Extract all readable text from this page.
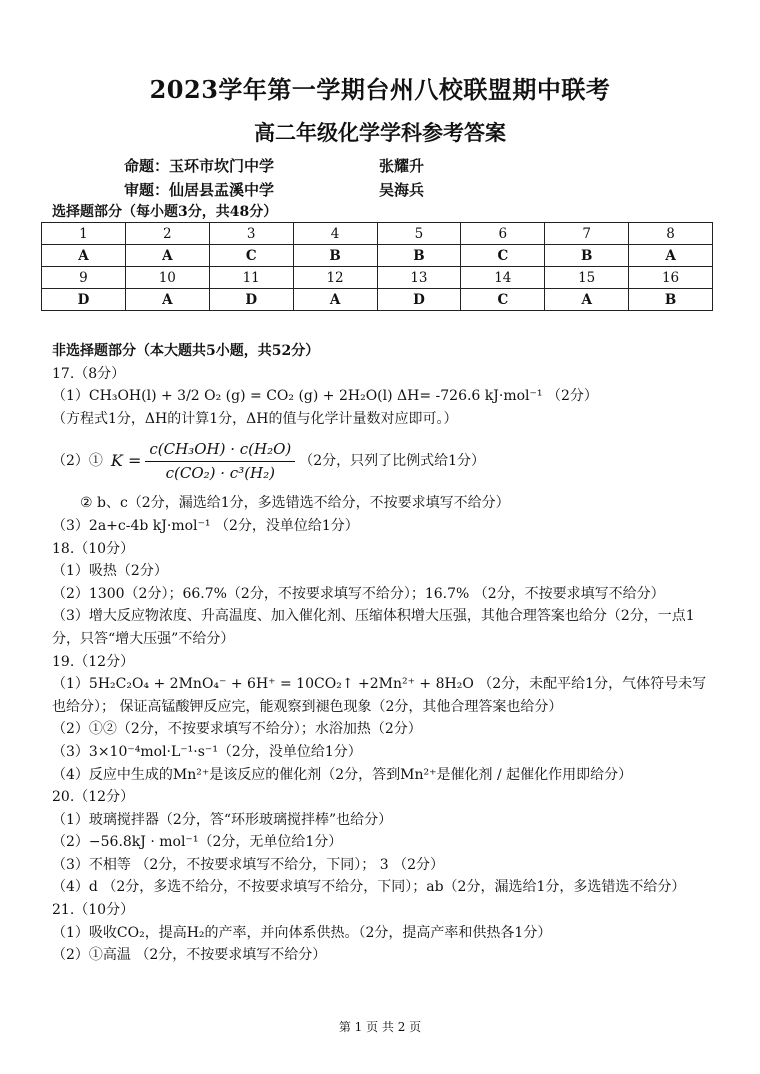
2023学年第一学期台州八校联盟期中联考
高二年级化学学科参考答案
命题：玉环市坎门中学	张耀升
审题：仙居县盂溪中学	吴海兵
选择题部分（每小题3分，共48分）
1	2	3	4	5	6	7	8
A	A	C	B	B	C	B	A
9	10	11	12	13	14	15	16
D	A	D	A	D	C	A	B
非选择题部分（本大题共5小题，共52分）
17.（8分）
（1）CH₃OH(l) + 3/2 O₂ (g) = CO₂ (g) + 2H₂O(l) ΔH= -726.6 kJ·mol⁻¹ （2分）
（方程式1分，ΔH的计算1分，ΔH的值与化学计量数对应即可。）
（2）① $K = \frac{\text{c(CH₃OH) · c(H₂O)}}{\text{c(CO₂) · c³(H₂)}} (2$分，只列了比例式给1分）
② b、c（2分，漏选给1分，多选错选不给分，不按要求填写不给分）
（3）2a+c-4b kJ·mol⁻¹ （2分，没单位给1分）
18.（10分）
（1）吸热（2分）
（2）1300（2分）；66.7%（2分，不按要求填写不给分）；16.7% （2分，不按要求填写不给分）
（3）增大反应物浓度、升高温度、加入催化剂、压缩体积增大压强，其他合理答案也给分（2分，一点1分，只答“增大压强”不给分）
19.（12分）
（1）5H₂C₂O₄ + 2MnO₄⁻ + 6H⁺ = 10CO₂↑ +2Mn²⁺ + 8H₂O （2分，未配平给1分，气体符号未写也给分）； 保证高锰酸钾反应完，能观察到褪色现象（2分，其他合理答案也给分）
（2）①②（2分，不按要求填写不给分）；水浴加热（2分）
（3）3×10⁻⁴mol·L⁻¹·s⁻¹（2分，没单位给1分）
（4）反应中生成的Mn²⁺是该反应的催化剂（2分，答到Mn²⁺是催化剂 / 起催化作用即给分）
20.（12分）
（1）玻璃搅拌器（2分，答“环形玻璃搅拌棒”也给分）
（2）−56.8kJ · mol⁻¹（2分，无单位给1分）
（3）不相等 （2分，不按要求填写不给分，下同）； 3 （2分）
（4）d （2分，多选不给分，不按要求填写不给分，下同）；ab（2分，漏选给1分，多选错选不给分）
21.（10分）
（1）吸收CO₂，提高H₂的产率，并向体系供热。（2分，提高产率和供热各1分）
（2）①高温 （2分，不按要求填写不给分）
第 1 页 共 2 页
